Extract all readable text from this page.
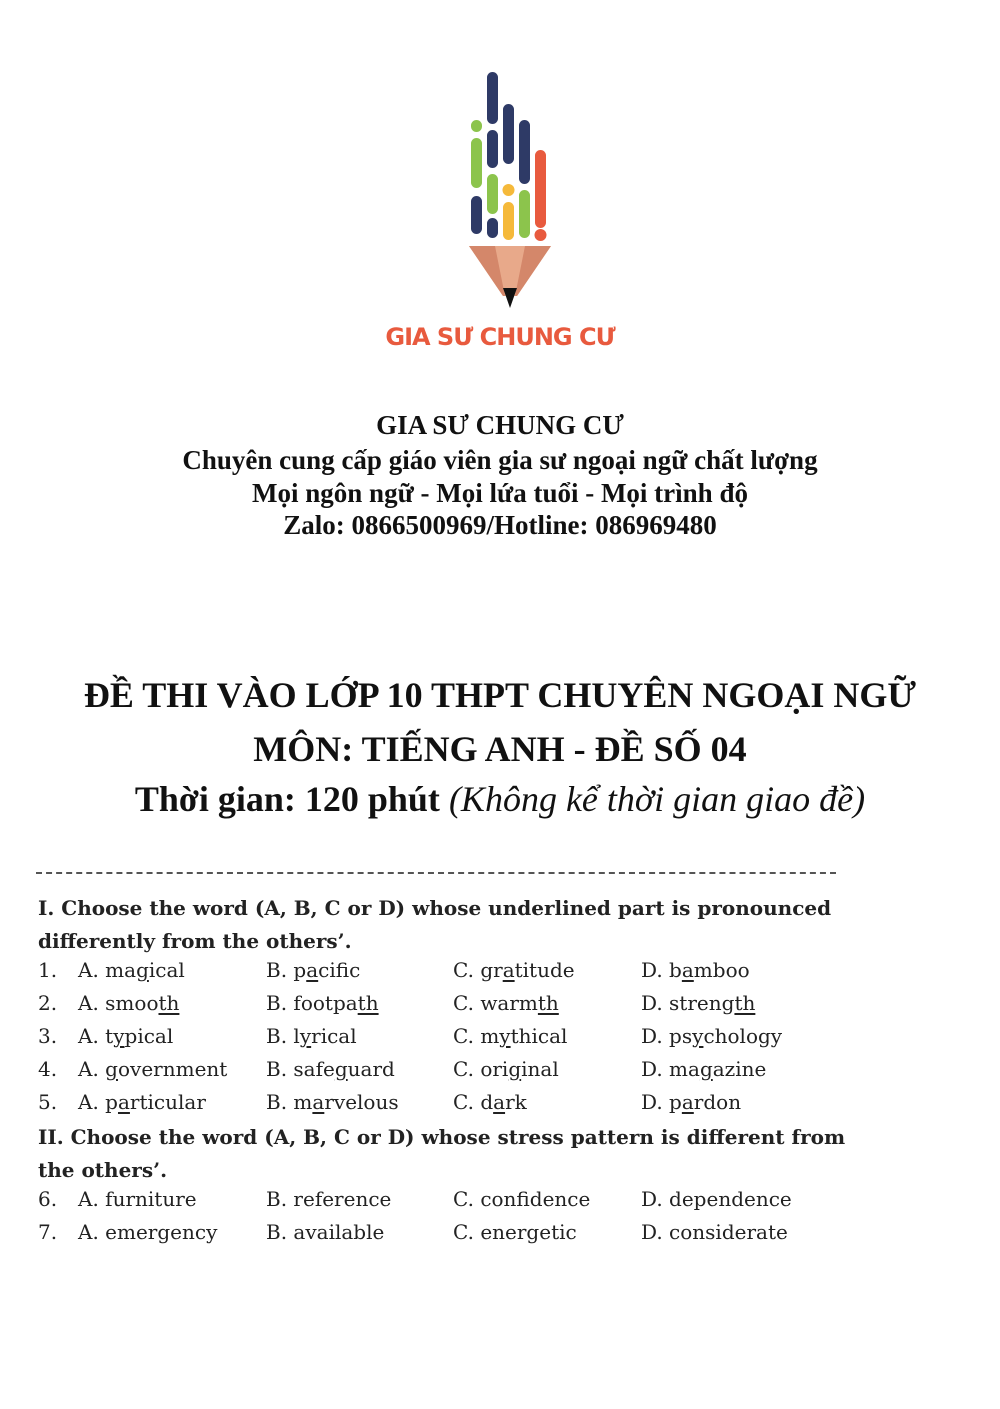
GIA SƯ CHUNG CƯ
GIA SƯ CHUNG CƯ
Chuyên cung cấp giáo viên gia sư ngoại ngữ chất lượng
Mọi ngôn ngữ - Mọi lứa tuổi - Mọi trình độ
Zalo: 0866500969/Hotline: 086969480
ĐỀ THI VÀO LỚP 10 THPT CHUYÊN NGOẠI NGỮ
MÔN: TIẾNG ANH - ĐỀ SỐ 04
Thời gian: 120 phút (Không kể thời gian giao đề)
I. Choose the word (A, B, C or D) whose underlined part is pronounced differently from the others’.
II. Choose the word (A, B, C or D) whose stress pattern is different from the others’.
1. A. magical	B. pacific	C. gratitude	D. bamboo
2. A. smooth	B. footpath	C. warmth	D. strength
3. A. typical	B. lyrical	C. mythical	D. psychology
4. A. government B. safeguard	C. original	D. magazine
5. A. particular	B. marvelous	C. dark	D. pardon
6. A. furniture	B. reference	C. confidence	D. dependence
7. A. emergency B. available	C. energetic	D. considerate
